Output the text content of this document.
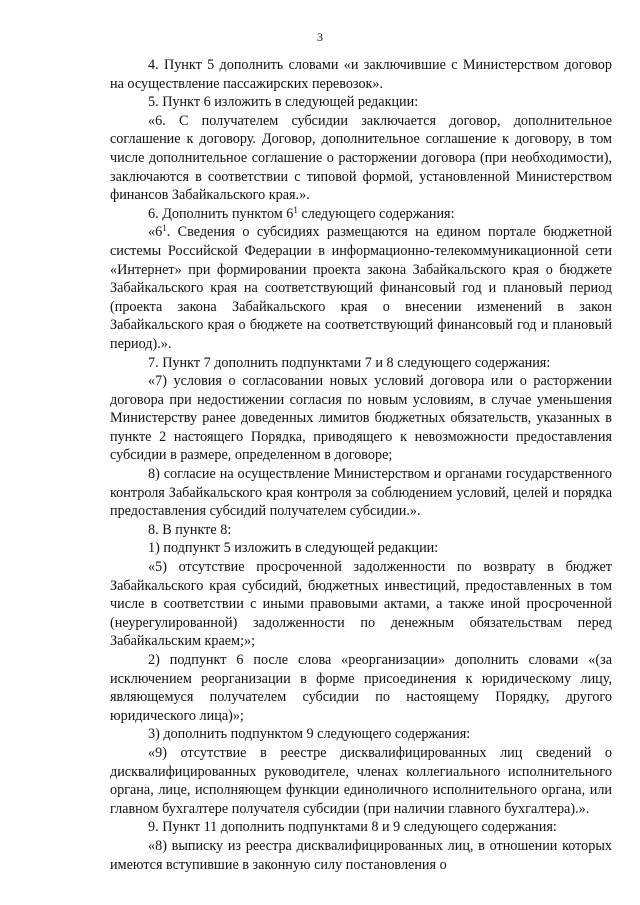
3

4. Пункт 5 дополнить словами «и заключившие с Министерством договор на осуществление пассажирских перевозок».

5. Пункт 6 изложить в следующей редакции:

«6. С получателем субсидии заключается договор, дополнительное соглашение к договору. Договор, дополнительное соглашение к договору, в том числе дополнительное соглашение о расторжении договора (при необходимости), заключаются в соответствии с типовой формой, установленной Министерством финансов Забайкальского края.».

6. Дополнить пунктом $6^1$ следующего содержания:

«$6^1$. Сведения о субсидиях размещаются на едином портале бюджетной системы Российской Федерации в информационно-телекоммуникационной сети «Интернет» при формировании проекта закона Забайкальского края о бюджете Забайкальского края на соответствующий финансовый год и плановый период (проекта закона Забайкальского края о внесении изменений в закон Забайкальского края о бюджете на соответствующий финансовый год и плановый период).».

7. Пункт 7 дополнить подпунктами 7 и 8 следующего содержания:

«7) условия о согласовании новых условий договора или о расторжении договора при недостижении согласия по новым условиям, в случае уменьшения Министерству ранее доведенных лимитов бюджетных обязательств, указанных в пункте 2 настоящего Порядка, приводящего к невозможности предоставления субсидии в размере, определенном в договоре;

8) согласие на осуществление Министерством и органами государственного контроля Забайкальского края контроля за соблюдением условий, целей и порядка предоставления субсидий получателем субсидии.».

8. В пункте 8:

1) подпункт 5 изложить в следующей редакции:

«5) отсутствие просроченной задолженности по возврату в бюджет Забайкальского края субсидий, бюджетных инвестиций, предоставленных в том числе в соответствии с иными правовыми актами, а также иной просроченной (неурегулированной) задолженности по денежным обязательствам перед Забайкальским краем;»;

2) подпункт 6 после слова «реорганизации» дополнить словами «(за исключением реорганизации в форме присоединения к юридическому лицу, являющемуся получателем субсидии по настоящему Порядку, другого юридического лица)»;

3) дополнить подпунктом 9 следующего содержания:

«9) отсутствие в реестре дисквалифицированных лиц сведений о дисквалифицированных руководителе, членах коллегиального исполнительного органа, лице, исполняющем функции единоличного исполнительного органа, или главном бухгалтере получателя субсидии (при наличии главного бухгалтера).».

9. Пункт 11 дополнить подпунктами 8 и 9 следующего содержания:

«8) выписку из реестра дисквалифицированных лиц, в отношении которых имеются вступившие в законную силу постановления о
